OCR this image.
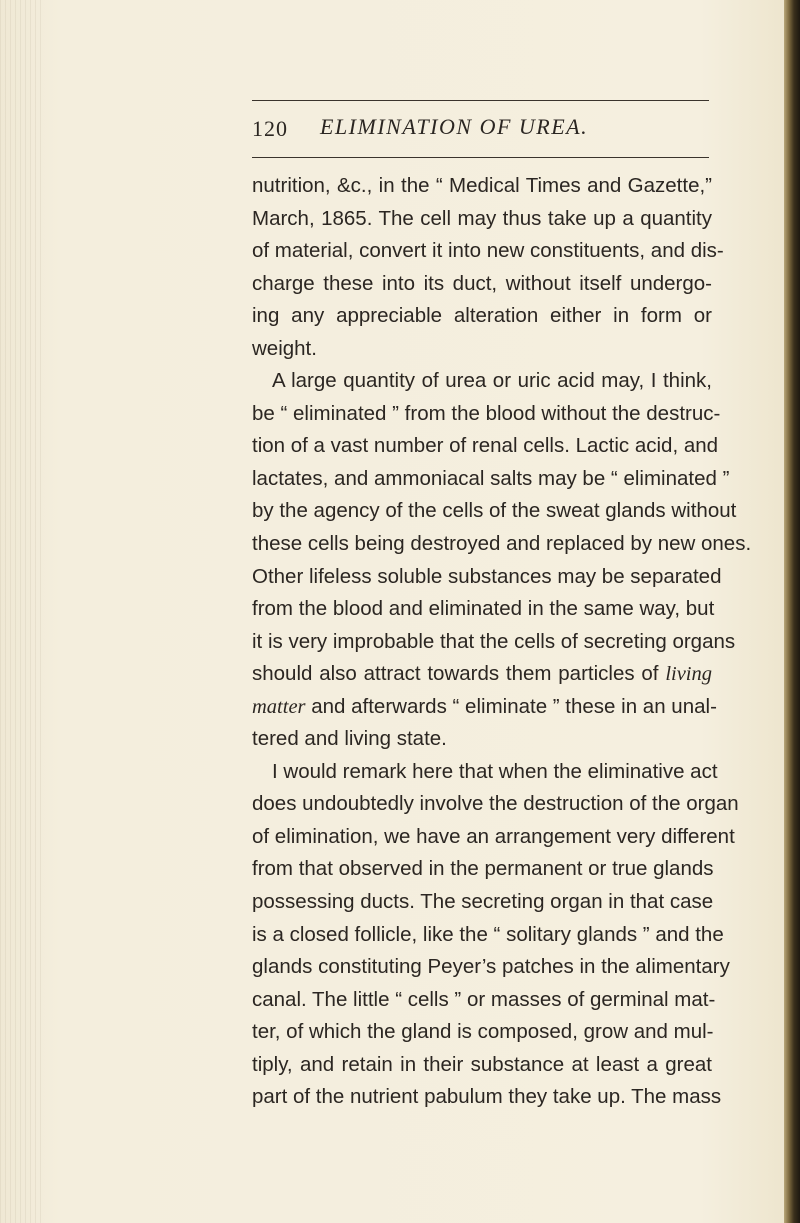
120 ELIMINATION OF UREA.
nutrition, &c., in the “ Medical Times and Gazette,”
March, 1865. The cell may thus take up a quantity
of material, convert it into new constituents, and dis-
charge these into its duct, without itself undergo-
ing any appreciable alteration either in form or
weight.
A large quantity of urea or uric acid may, I think,
be “ eliminated ” from the blood without the destruc-
tion of a vast number of renal cells. Lactic acid, and
lactates, and ammoniacal salts may be “ eliminated ”
by the agency of the cells of the sweat glands without
these cells being destroyed and replaced by new ones.
Other lifeless soluble substances may be separated
from the blood and eliminated in the same way, but
it is very improbable that the cells of secreting organs
should also attract towards them particles of living
matter and afterwards “ eliminate ” these in an unal-
tered and living state.
I would remark here that when the eliminative act
does undoubtedly involve the destruction of the organ
of elimination, we have an arrangement very different
from that observed in the permanent or true glands
possessing ducts. The secreting organ in that case
is a closed follicle, like the “ solitary glands ” and the
glands constituting Peyer’s patches in the alimentary
canal. The little “ cells ” or masses of germinal mat-
ter, of which the gland is composed, grow and mul-
tiply, and retain in their substance at least a great
part of the nutrient pabulum they take up. The mass
